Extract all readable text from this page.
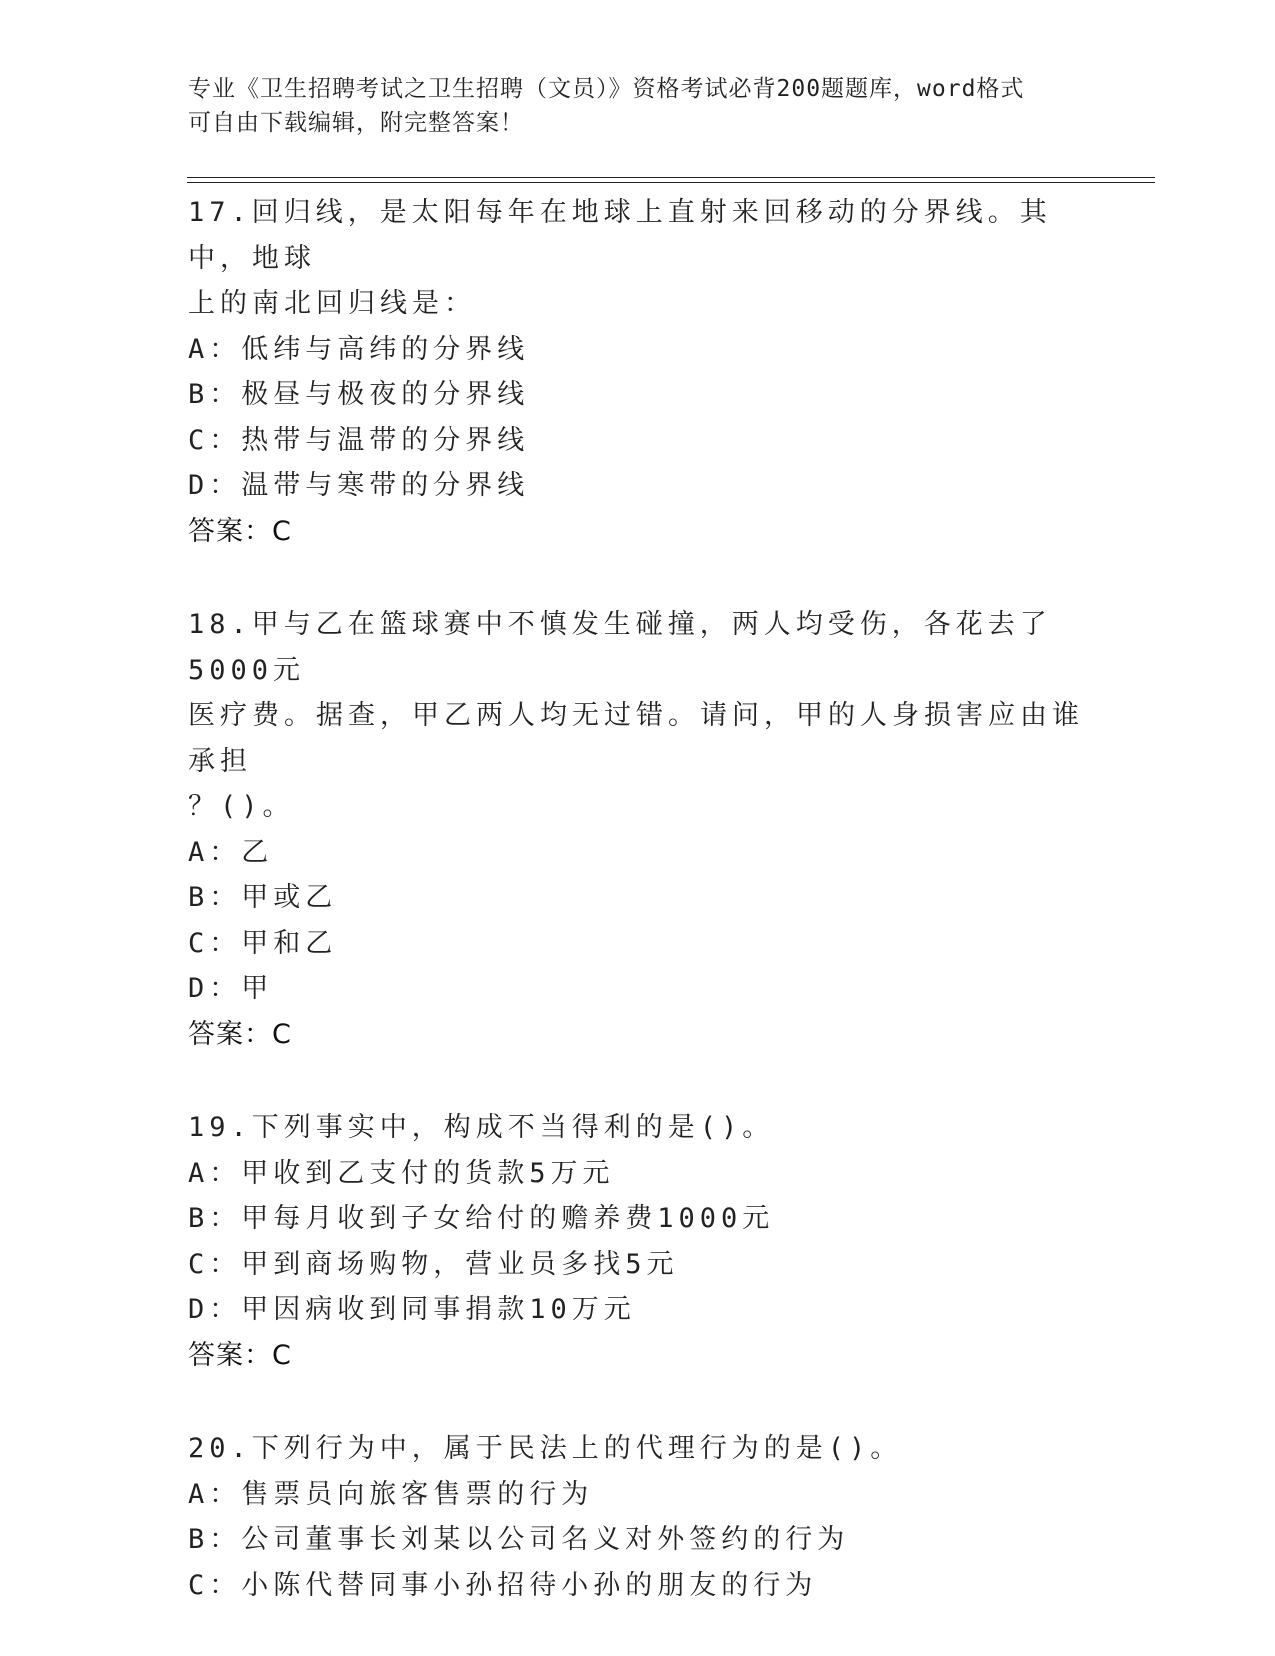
专业《卫生招聘考试之卫生招聘（文员）》资格考试必背200题题库，word格式
可自由下载编辑，附完整答案！
17.回归线，是太阳每年在地球上直射来回移动的分界线。其中，地球
上的南北回归线是：
A：低纬与高纬的分界线
B：极昼与极夜的分界线
C：热带与温带的分界线
D：温带与寒带的分界线
答案：C
18.甲与乙在篮球赛中不慎发生碰撞，两人均受伤，各花去了5000元
医疗费。据查，甲乙两人均无过错。请问，甲的人身损害应由谁承担
？()。
A：乙
B：甲或乙
C：甲和乙
D：甲
答案：C
19.下列事实中，构成不当得利的是()。
A：甲收到乙支付的货款5万元
B：甲每月收到子女给付的赡养费1000元
C：甲到商场购物，营业员多找5元
D：甲因病收到同事捐款10万元
答案：C
20.下列行为中，属于民法上的代理行为的是()。
A：售票员向旅客售票的行为
B：公司董事长刘某以公司名义对外签约的行为
C：小陈代替同事小孙招待小孙的朋友的行为
